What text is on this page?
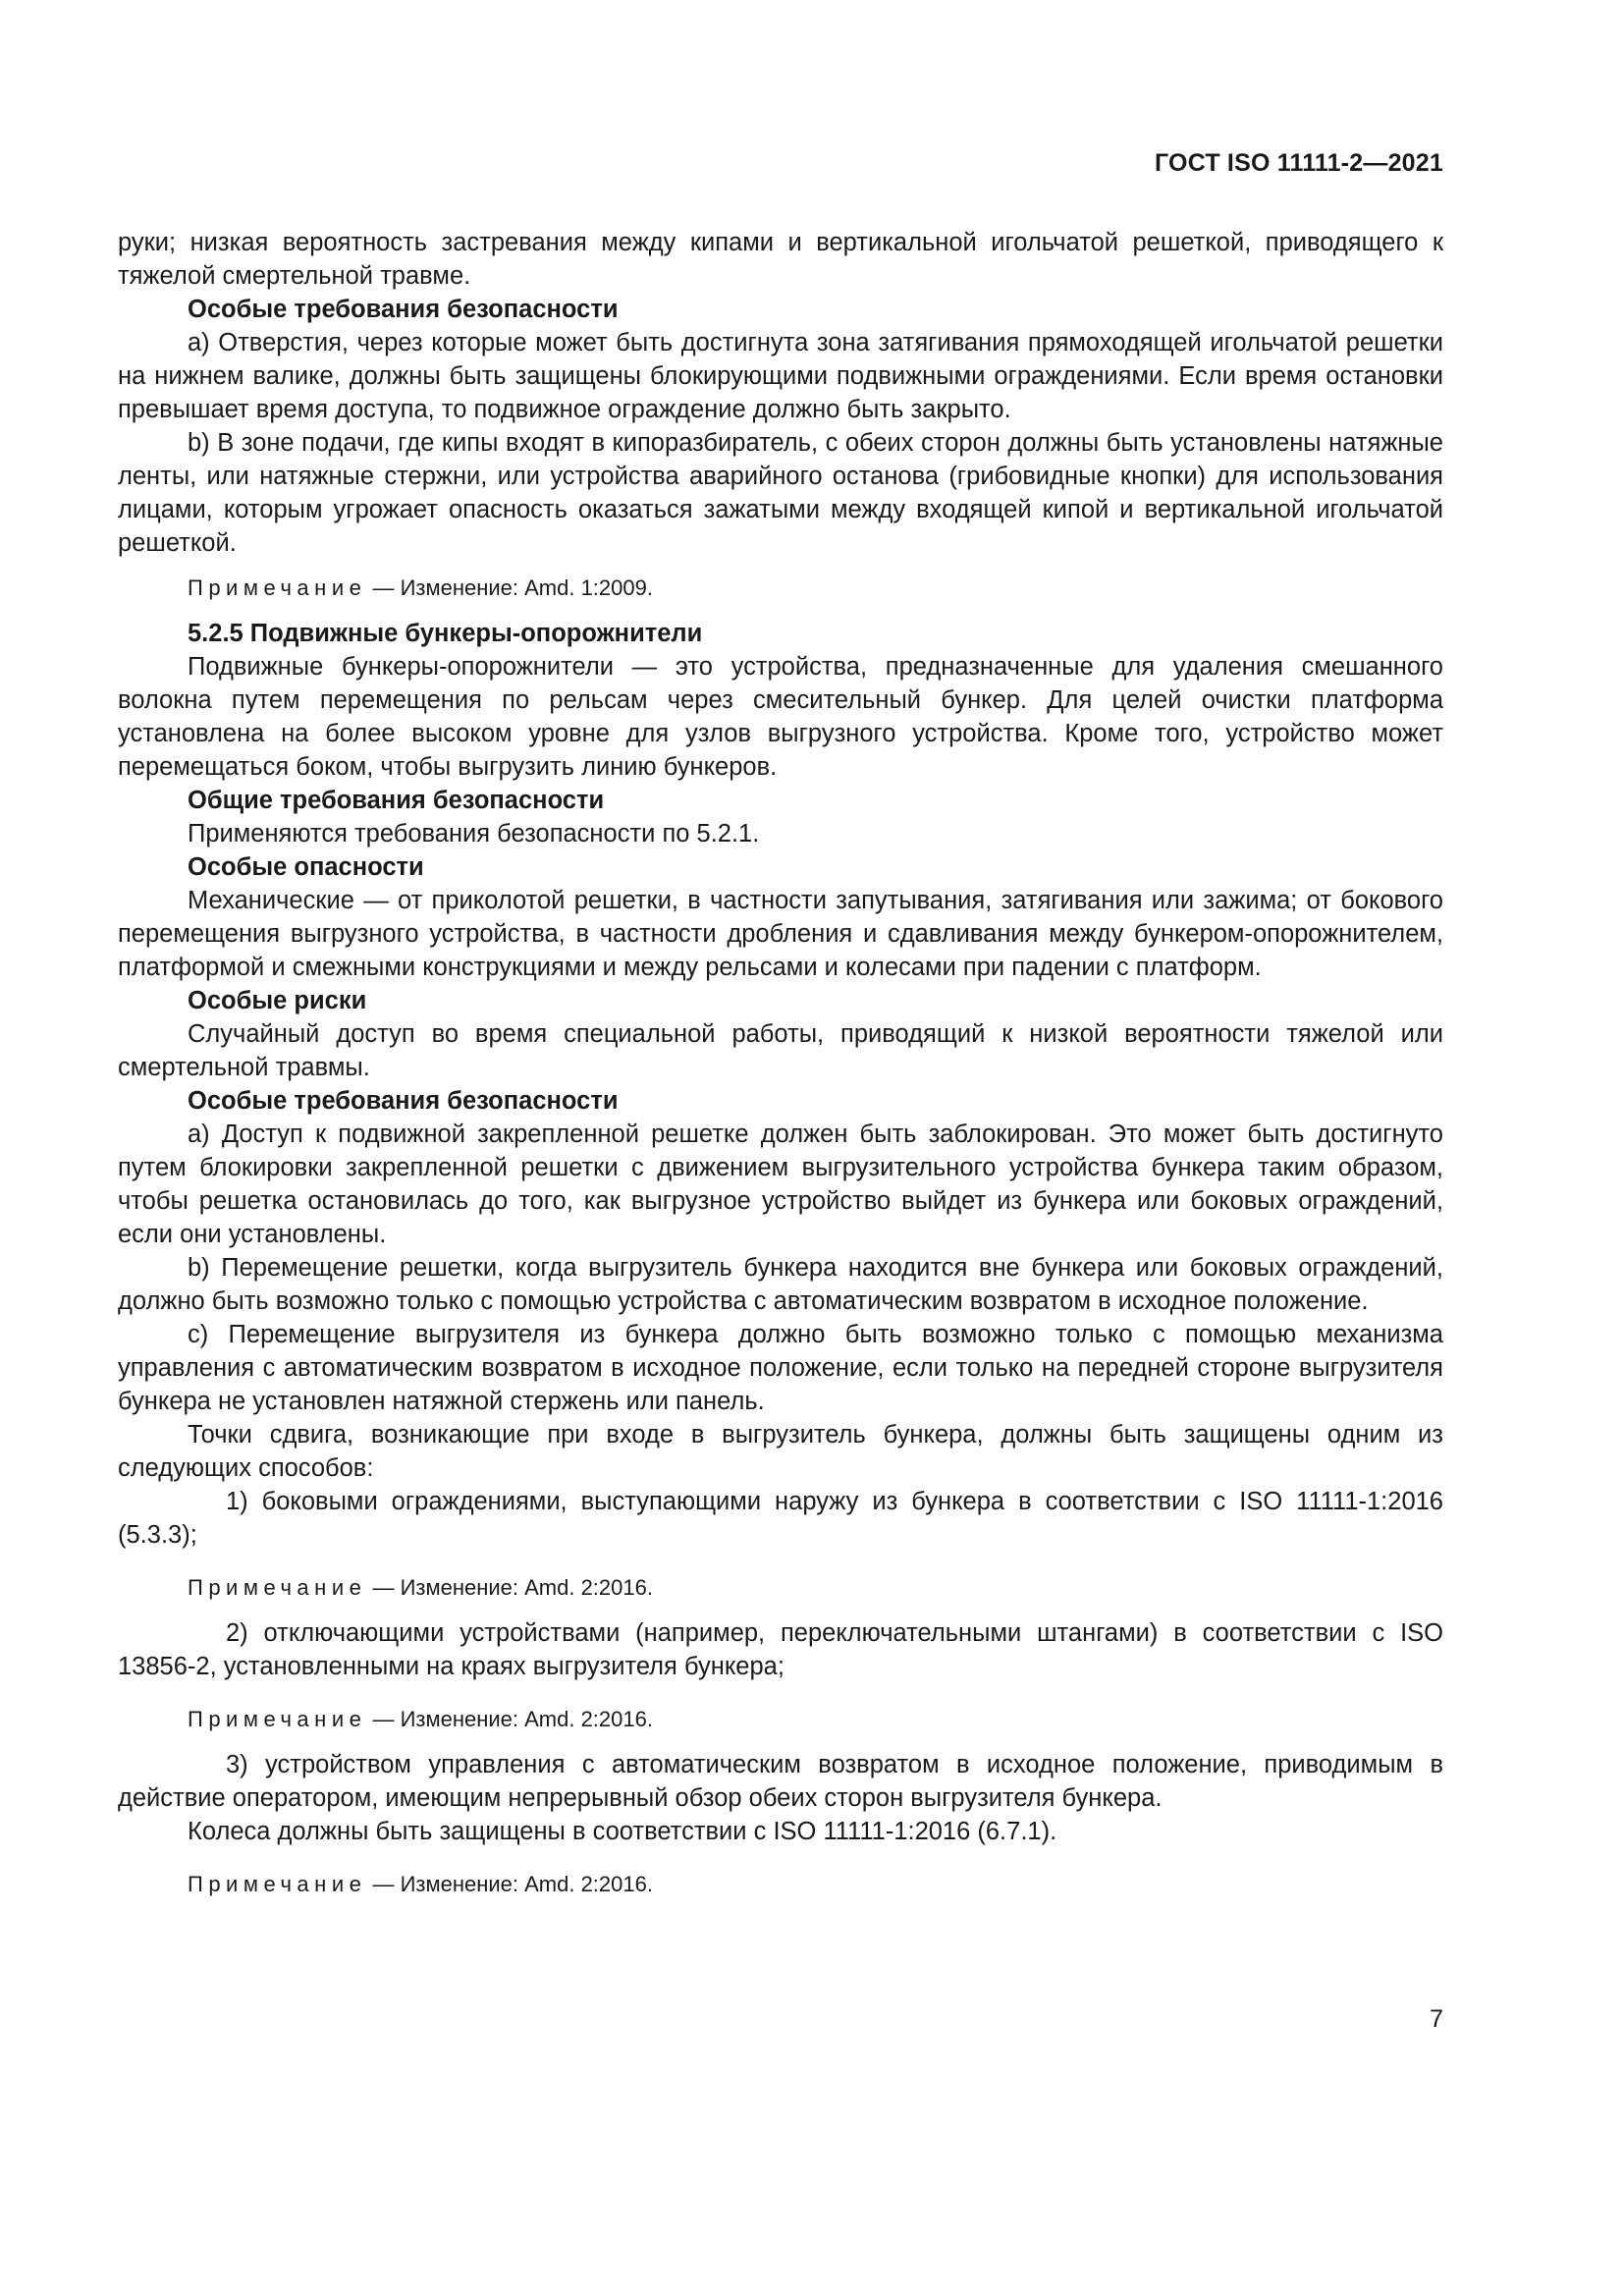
ГОСТ ISO 11111-2—2021

руки; низкая вероятность застревания между кипами и вертикальной игольчатой решеткой, приводящего к тяжелой смертельной травме.

Особые требования безопасности

а) Отверстия, через которые может быть достигнута зона затягивания прямоходящей игольчатой решетки на нижнем валике, должны быть защищены блокирующими подвижными ограждениями. Если время остановки превышает время доступа, то подвижное ограждение должно быть закрыто.

b) В зоне подачи, где кипы входят в кипоразбиратель, с обеих сторон должны быть установлены натяжные ленты, или натяжные стержни, или устройства аварийного останова (грибовидные кнопки) для использования лицами, которым угрожает опасность оказаться зажатыми между входящей кипой и вертикальной игольчатой решеткой.

Примечание — Изменение: Amd. 1:2009.

5.2.5 Подвижные бункеры-опорожнители

Подвижные бункеры-опорожнители — это устройства, предназначенные для удаления смешанного волокна путем перемещения по рельсам через смесительный бункер. Для целей очистки платформа установлена на более высоком уровне для узлов выгрузного устройства. Кроме того, устройство может перемещаться боком, чтобы выгрузить линию бункеров.

Общие требования безопасности

Применяются требования безопасности по 5.2.1.

Особые опасности

Механические — от приколотой решетки, в частности запутывания, затягивания или зажима; от бокового перемещения выгрузного устройства, в частности дробления и сдавливания между бункером-опорожнителем, платформой и смежными конструкциями и между рельсами и колесами при падении с платформ.

Особые риски

Случайный доступ во время специальной работы, приводящий к низкой вероятности тяжелой или смертельной травмы.

Особые требования безопасности

а) Доступ к подвижной закрепленной решетке должен быть заблокирован. Это может быть достигнуто путем блокировки закрепленной решетки с движением выгрузительного устройства бункера таким образом, чтобы решетка остановилась до того, как выгрузное устройство выйдет из бункера или боковых ограждений, если они установлены.

b) Перемещение решетки, когда выгрузитель бункера находится вне бункера или боковых ограждений, должно быть возможно только с помощью устройства с автоматическим возвратом в исходное положение.

с) Перемещение выгрузителя из бункера должно быть возможно только с помощью механизма управления с автоматическим возвратом в исходное положение, если только на передней стороне выгрузителя бункера не установлен натяжной стержень или панель.

Точки сдвига, возникающие при входе в выгрузитель бункера, должны быть защищены одним из следующих способов:

1) боковыми ограждениями, выступающими наружу из бункера в соответствии с ISO 11111-1:2016 (5.3.3);

Примечание — Изменение: Amd. 2:2016.

2) отключающими устройствами (например, переключательными штангами) в соответствии с ISO 13856-2, установленными на краях выгрузителя бункера;

Примечание — Изменение: Amd. 2:2016.

3) устройством управления с автоматическим возвратом в исходное положение, приводимым в действие оператором, имеющим непрерывный обзор обеих сторон выгрузителя бункера.

Колеса должны быть защищены в соответствии с ISO 11111-1:2016 (6.7.1).

Примечание — Изменение: Amd. 2:2016.

7
